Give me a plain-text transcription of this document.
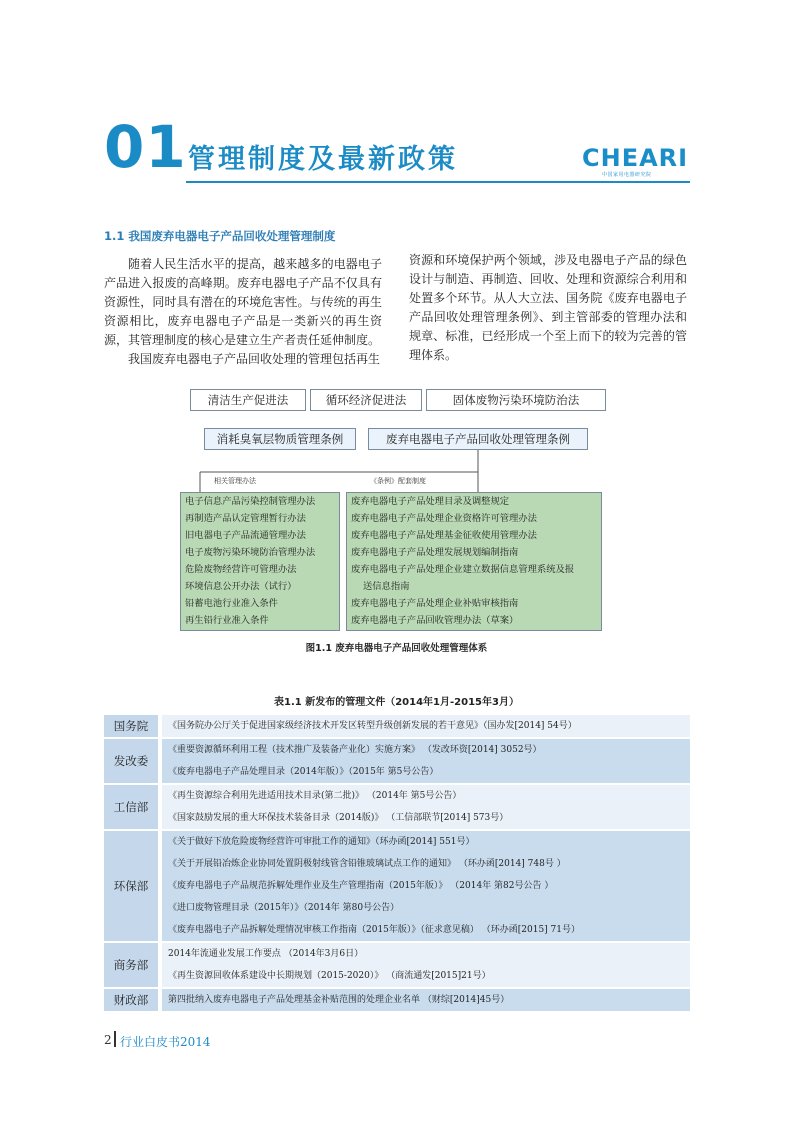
01 管理制度及最新政策	CHEARI
中国家用电器研究院
1.1 我国废弃电器电子产品回收处理管理制度

随着人民生活水平的提高，越来越多的电器电子产品进入报废的高峰期。废弃电器电子产品不仅具有资源性，同时具有潜在的环境危害性。与传统的再生资源相比，废弃电器电子产品是一类新兴的再生资源，其管理制度的核心是建立生产者责任延伸制度。

我国废弃电器电子产品回收处理的管理包括再生

资源和环境保护两个领域，涉及电器电子产品的绿色设计与制造、再制造、回收、处理和资源综合利用和处置多个环节。从人大立法、国务院《废弃电器电子产品回收处理管理条例》、到主管部委的管理办法和规章、标准，已经形成一个至上而下的较为完善的管理体系。

清洁生产促进法	循环经济促进法	固体废物污染环境防治法
消耗臭氧层物质管理条例	废弃电器电子产品回收处理管理条例
相关管理办法	《条例》配套制度
电子信息产品污染控制管理办法
再制造产品认定管理暂行办法
旧电器电子产品流通管理办法
电子废物污染环境防治管理办法
危险废物经营许可管理办法
环境信息公开办法（试行）
铅蓄电池行业准入条件
再生铅行业准入条件
废弃电器电子产品处理目录及调整规定
废弃电器电子产品处理企业资格许可管理办法
废弃电器电子产品处理基金征收使用管理办法
废弃电器电子产品处理发展规划编制指南
废弃电器电子产品处理企业建立数据信息管理系统及报
送信息指南
废弃电器电子产品处理企业补贴审核指南
废弃电器电子产品回收管理办法（草案）
图1.1 废弃电器电子产品回收处理管理体系
表1.1 新发布的管理文件（2014年1月-2015年3月）
国务院	《国务院办公厅关于促进国家级经济技术开发区转型升级创新发展的若干意见》（国办发[2014] 54号）

发改委	《重要资源循环利用工程（技术推广及装备产业化）实施方案》 （发改环资[2014] 3052号）
《废弃电器电子产品处理目录（2014年版）》（2015年 第5号公告）

工信部	《再生资源综合利用先进适用技术目录(第二批)》 （2014年 第5号公告）
《国家鼓励发展的重大环保技术装备目录（2014版)》 （工信部联节[2014] 573号）

环保部	《关于做好下放危险废物经营许可审批工作的通知》（环办函[2014] 551号）
《关于开展铅冶炼企业协同处置阴极射线管含铅锥玻璃试点工作的通知》 （环办函[2014] 748号 ）
《废弃电器电子产品规范拆解处理作业及生产管理指南（2015年版）》 （2014年 第82号公告 ）
《进口废物管理目录（2015年）》（2014年 第80号公告）
《废弃电器电子产品拆解处理情况审核工作指南（2015年版）》（征求意见稿） （环办函[2015] 71号）

商务部	2014年流通业发展工作要点 （2014年3月6日）
《再生资源回收体系建设中长期规划（2015-2020）》 （商流通发[2015]21号）

财政部	第四批纳入废弃电器电子产品处理基金补贴范围的处理企业名单 （财综[2014]45号）
2 行业白皮书2014
